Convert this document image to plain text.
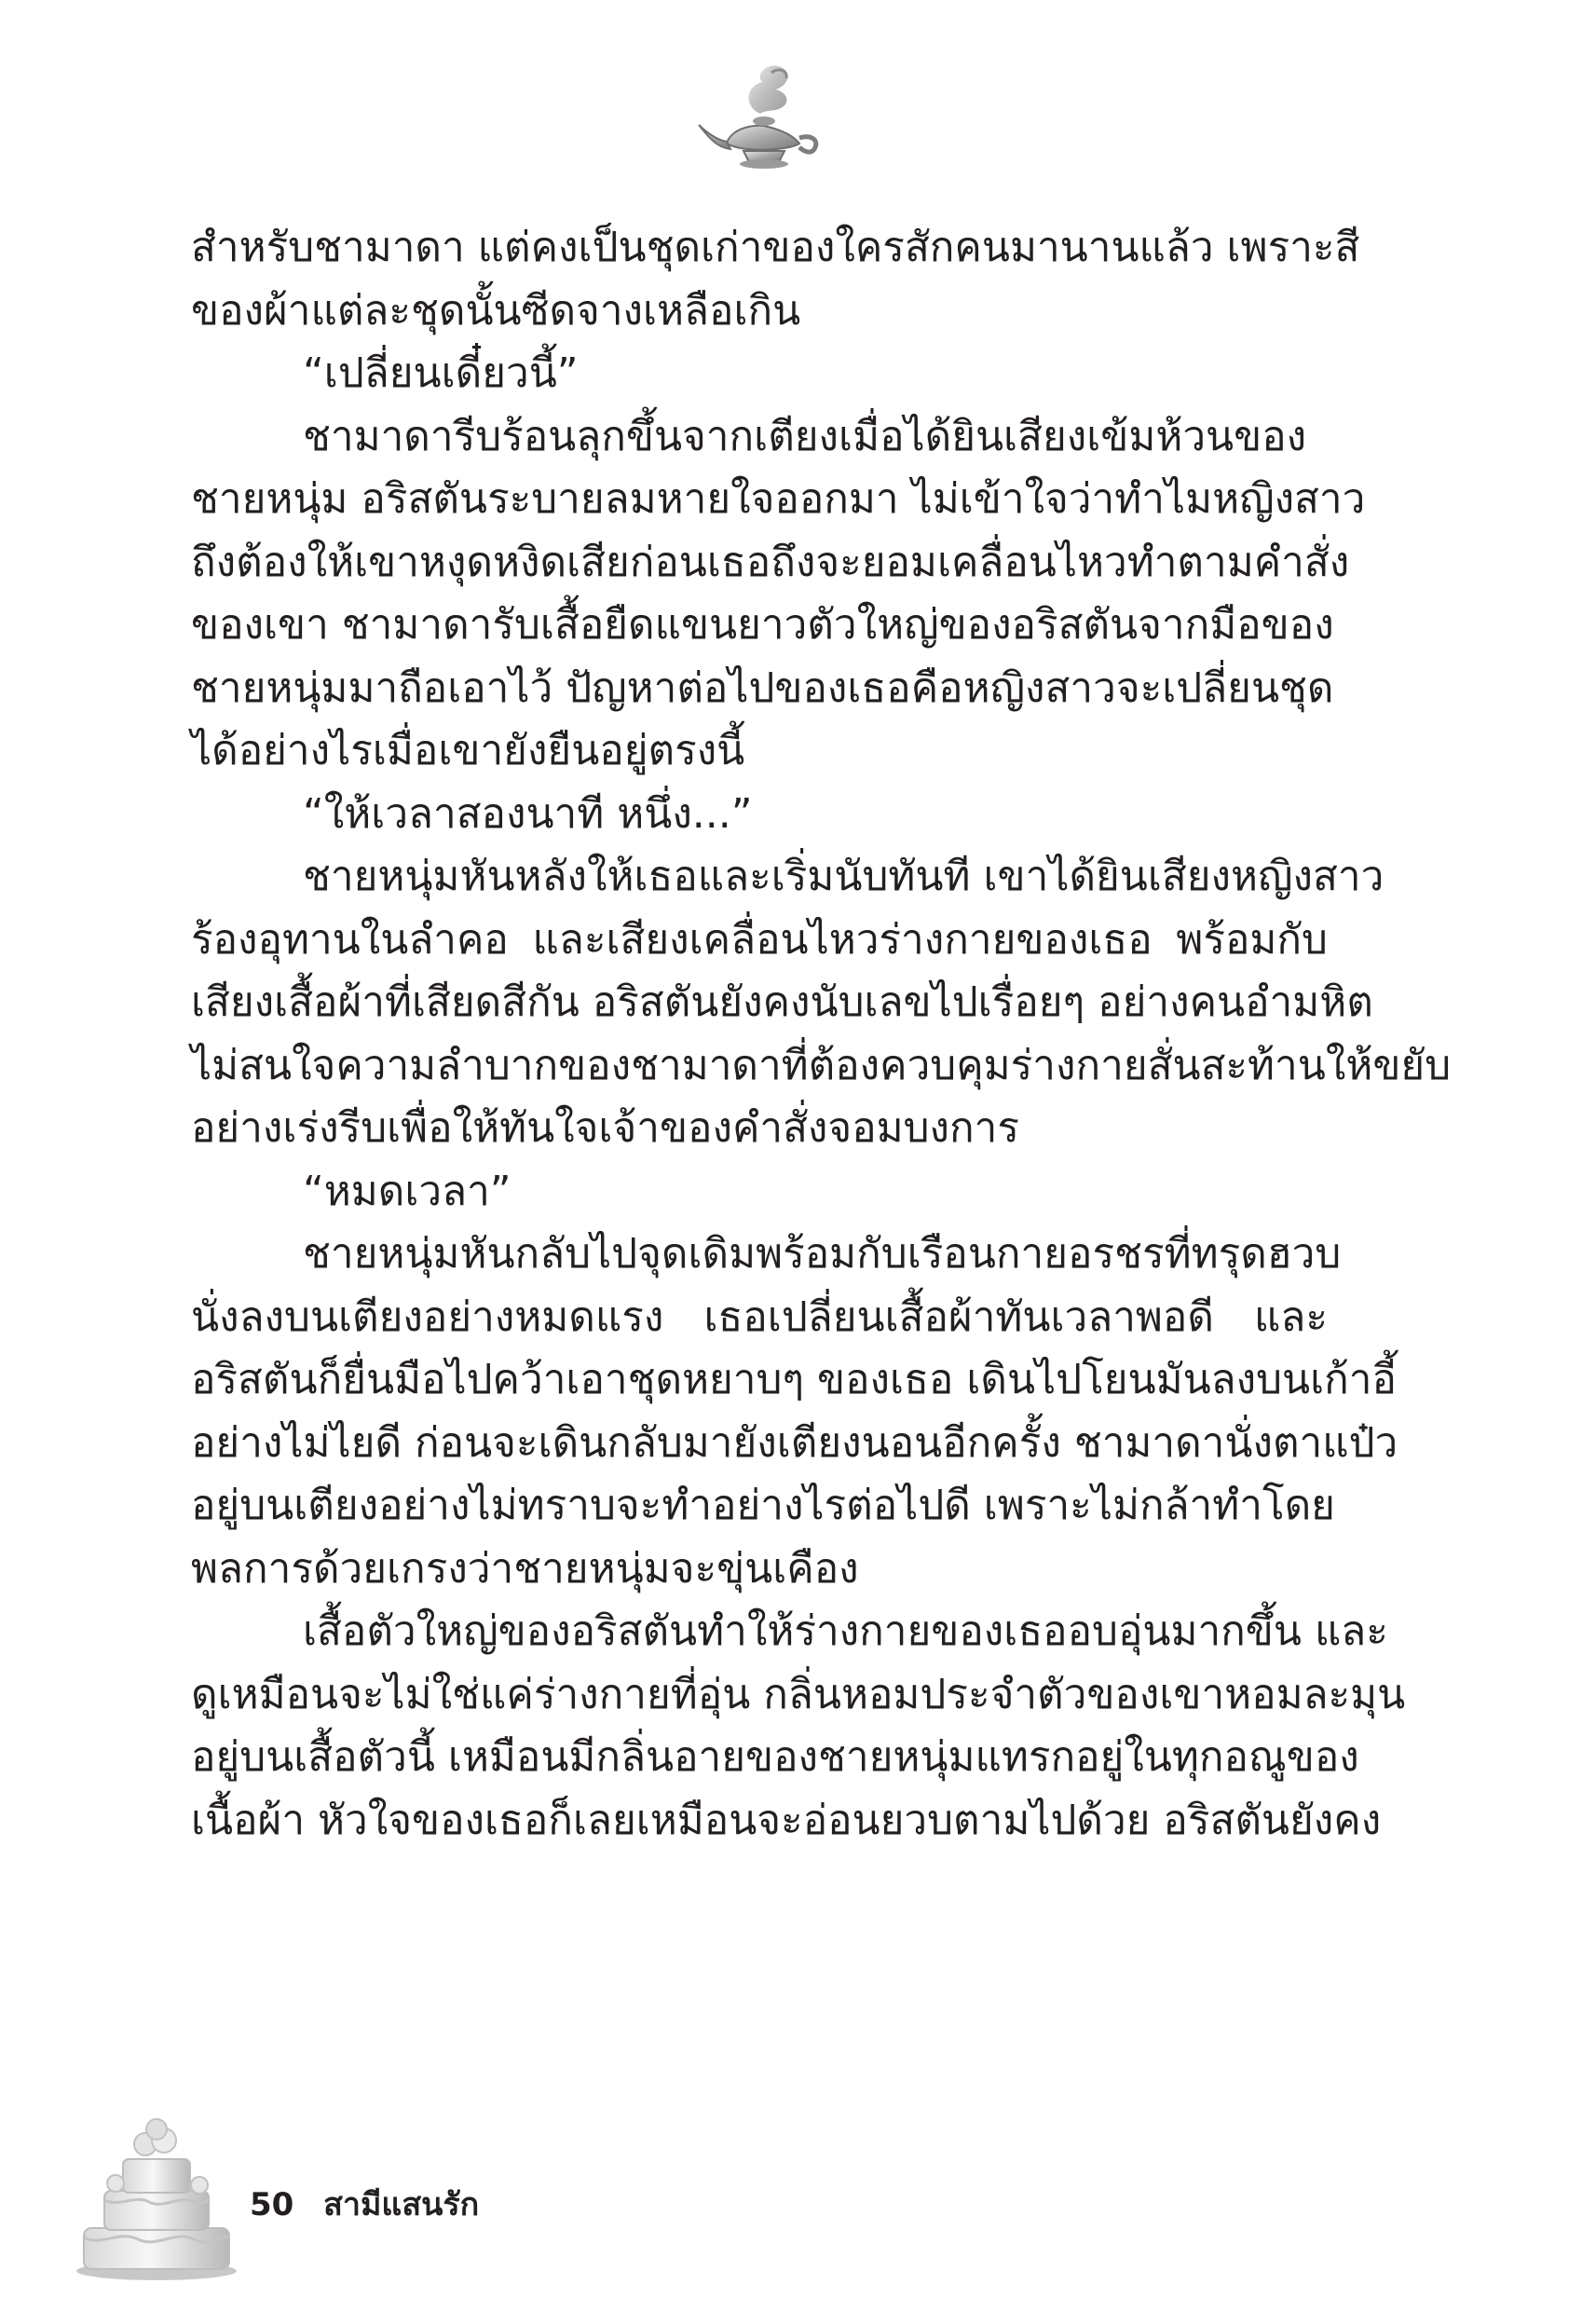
สำหรับชามาดา แต่คงเป็นชุดเก่าของใครสักคนมานานแล้ว เพราะสี
ของผ้าแต่ละชุดนั้นซีดจางเหลือเกิน
“เปลี่ยนเดี๋ยวนี้”
ชามาดารีบร้อนลุกขึ้นจากเตียงเมื่อได้ยินเสียงเข้มห้วนของ
ชายหนุ่ม อริสตันระบายลมหายใจออกมา ไม่เข้าใจว่าทำไมหญิงสาว
ถึงต้องให้เขาหงุดหงิดเสียก่อนเธอถึงจะยอมเคลื่อนไหวทำตามคำสั่ง
ของเขา ชามาดารับเสื้อยืดแขนยาวตัวใหญ่ของอริสตันจากมือของ
ชายหนุ่มมาถือเอาไว้ ปัญหาต่อไปของเธอคือหญิงสาวจะเปลี่ยนชุด
ได้อย่างไรเมื่อเขายังยืนอยู่ตรงนี้
“ให้เวลาสองนาที หนึ่ง...”
ชายหนุ่มหันหลังให้เธอและเริ่มนับทันที เขาได้ยินเสียงหญิงสาว
ร้องอุทานในลำคอ และเสียงเคลื่อนไหวร่างกายของเธอ พร้อมกับ
เสียงเสื้อผ้าที่เสียดสีกัน อริสตันยังคงนับเลขไปเรื่อยๆ อย่างคนอำมหิต
ไม่สนใจความลำบากของชามาดาที่ต้องควบคุมร่างกายสั่นสะท้านให้ขยับ
อย่างเร่งรีบเพื่อให้ทันใจเจ้าของคำสั่งจอมบงการ
“หมดเวลา”
ชายหนุ่มหันกลับไปจุดเดิมพร้อมกับเรือนกายอรชรที่ทรุดฮวบ
นั่งลงบนเตียงอย่างหมดแรง เธอเปลี่ยนเสื้อผ้าทันเวลาพอดี และ
อริสตันก็ยื่นมือไปคว้าเอาชุดหยาบๆ ของเธอ เดินไปโยนมันลงบนเก้าอี้
อย่างไม่ไยดี ก่อนจะเดินกลับมายังเตียงนอนอีกครั้ง ชามาดานั่งตาแป๋ว
อยู่บนเตียงอย่างไม่ทราบจะทำอย่างไรต่อไปดี เพราะไม่กล้าทำโดย
พลการด้วยเกรงว่าชายหนุ่มจะขุ่นเคือง
เสื้อตัวใหญ่ของอริสตันทำให้ร่างกายของเธออบอุ่นมากขึ้น และ
ดูเหมือนจะไม่ใช่แค่ร่างกายที่อุ่น กลิ่นหอมประจำตัวของเขาหอมละมุน
อยู่บนเสื้อตัวนี้ เหมือนมีกลิ่นอายของชายหนุ่มแทรกอยู่ในทุกอณูของ
เนื้อผ้า หัวใจของเธอก็เลยเหมือนจะอ่อนยวบตามไปด้วย อริสตันยังคง
50 สามีแสนรัก
